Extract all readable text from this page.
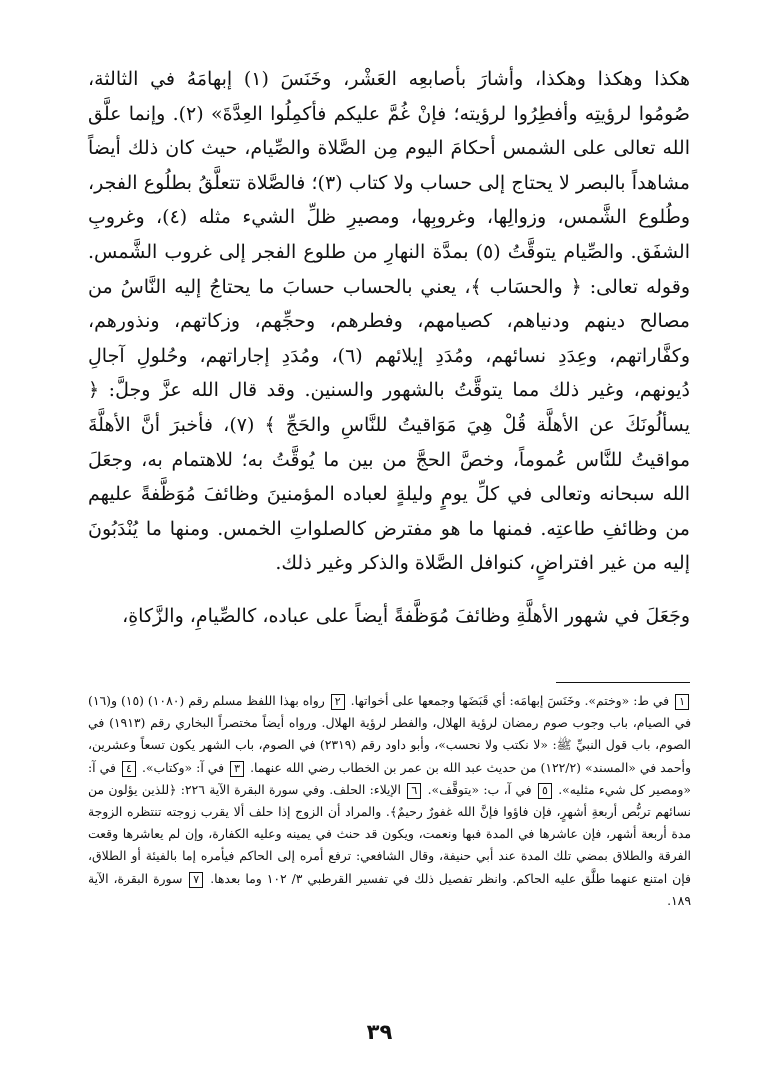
هكذا وهكذا وهكذا، وأشارَ بأصابعِه العَشْر، وخَنَسَ (١) إبهامَهُ في الثالثة، صُومُوا لرؤيتِه وأفطِرُوا لرؤيته؛ فإنْ غُمَّ عليكم فأكمِلُوا العِدَّةَ» (٢). وإنما علَّق الله تعالى على الشمس أحكامَ اليوم مِن الصَّلاة والصِّيام، حيث كان ذلك أيضاً مشاهداً بالبصر لا يحتاج إلى حساب ولا كتاب (٣)؛ فالصَّلاة تتعلَّقُ بطلُوع الفجر، وطُلوع الشَّمس، وزوالِها، وغروبِها، ومصيرِ ظلِّ الشيء مثله (٤)، وغروبِ الشفَق. والصِّيام يتوقَّتُ (٥) بمدَّة النهارِ من طلوع الفجر إلى غروب الشَّمس. وقوله تعالى: ﴿ والحسَاب ﴾، يعني بالحساب حسابَ ما يحتاجُ إليه النَّاسُ من مصالح دينهم ودنياهم، كصيامهم، وفطرهم، وحجِّهم، وزكاتهم، ونذورهم، وكفَّاراتهم، وعِدَدِ نسائهم، ومُدَدِ إيلائهم (٦)، ومُدَدِ إجاراتهم، وحُلولِ آجالِ دُيونهم، وغير ذلك مما يتوقَّتُ بالشهور والسنين. وقد قال الله عزَّ وجلَّ: ﴿ يسألُونَكَ عن الأهلَّة قُلْ هِيَ مَوَاقيتُ للنَّاسِ والحَجِّ ﴾ (٧)، فأخبرَ أنَّ الأهلَّةَ مواقيتُ للنَّاس عُموماً، وخصَّ الحجَّ من بين ما يُوقَّتُ به؛ للاهتمام به، وجعَلَ الله سبحانه وتعالى في كلِّ يومٍ وليلةٍ لعباده المؤمنينَ وظائفَ مُوَظَّفةً عليهم من وظائفِ طاعتِه. فمنها ما هو مفترض كالصلواتِ الخمس. ومنها ما يُنْدَبُونَ إليه من غير افتراضٍ، كنوافل الصَّلاة والذكر وغير ذلك.

وجَعَلَ في شهور الأهلَّةِ وظائفَ مُوَظَّفةً أيضاً على عباده، كالصِّيامِ، والزَّكاةِ،

١ في ط: «وختم». وخَنَسَ إبهامَه: أي قَبَضَها وجمعها على أخواتها. ٢ رواه بهذا اللفظ مسلم رقم (١٠٨٠) (١٥) و(١٦) في الصيام، باب وجوب صوم رمضان لرؤية الهلال، والفطر لرؤية الهلال. ورواه أيضاً مختصراً البخاري رقم (١٩١٣) في الصوم، باب قول النبيِّ ﷺ: «لا نكتب ولا نحسب»، وأبو داود رقم (٢٣١٩) في الصوم، باب الشهر يكون تسعاً وعشرين، وأحمد في «المسند» (١٢٢/٢) من حديث عبد الله بن عمر بن الخطاب رضي الله عنهما. ٣ في آ: «وكتاب». ٤ في آ: «ومصير كل شيء مثليه». ٥ في آ، ب: «يتوقَّف». ٦ الإيلاء: الحلف. وفي سورة البقرة الآية ٢٢٦: ﴿للذين يؤلون من نسائهم تربُّص أربعةِ أشهرٍ، فإن فاؤوا فإنَّ الله غفورٌ رحيمٌ﴾. والمراد أن الزوج إذا حلف ألا يقرب زوجته تنتظره الزوجة مدة أربعة أشهر، فإن عاشرها في المدة فبها ونعمت، ويكون قد حنث في يمينه وعليه الكفارة، وإن لم يعاشرها وقعت الفرقة والطلاق بمضي تلك المدة عند أبي حنيفة، وقال الشافعي: ترفع أمره إلى الحاكم فيأمره إما بالفيئة أو الطلاق، فإن امتنع عنهما طلَّق عليه الحاكم. وانظر تفصيل ذلك في تفسير القرطبي ٣/ ١٠٢ وما بعدها. ٧ سورة البقرة، الآية ١٨٩.

٣٩
